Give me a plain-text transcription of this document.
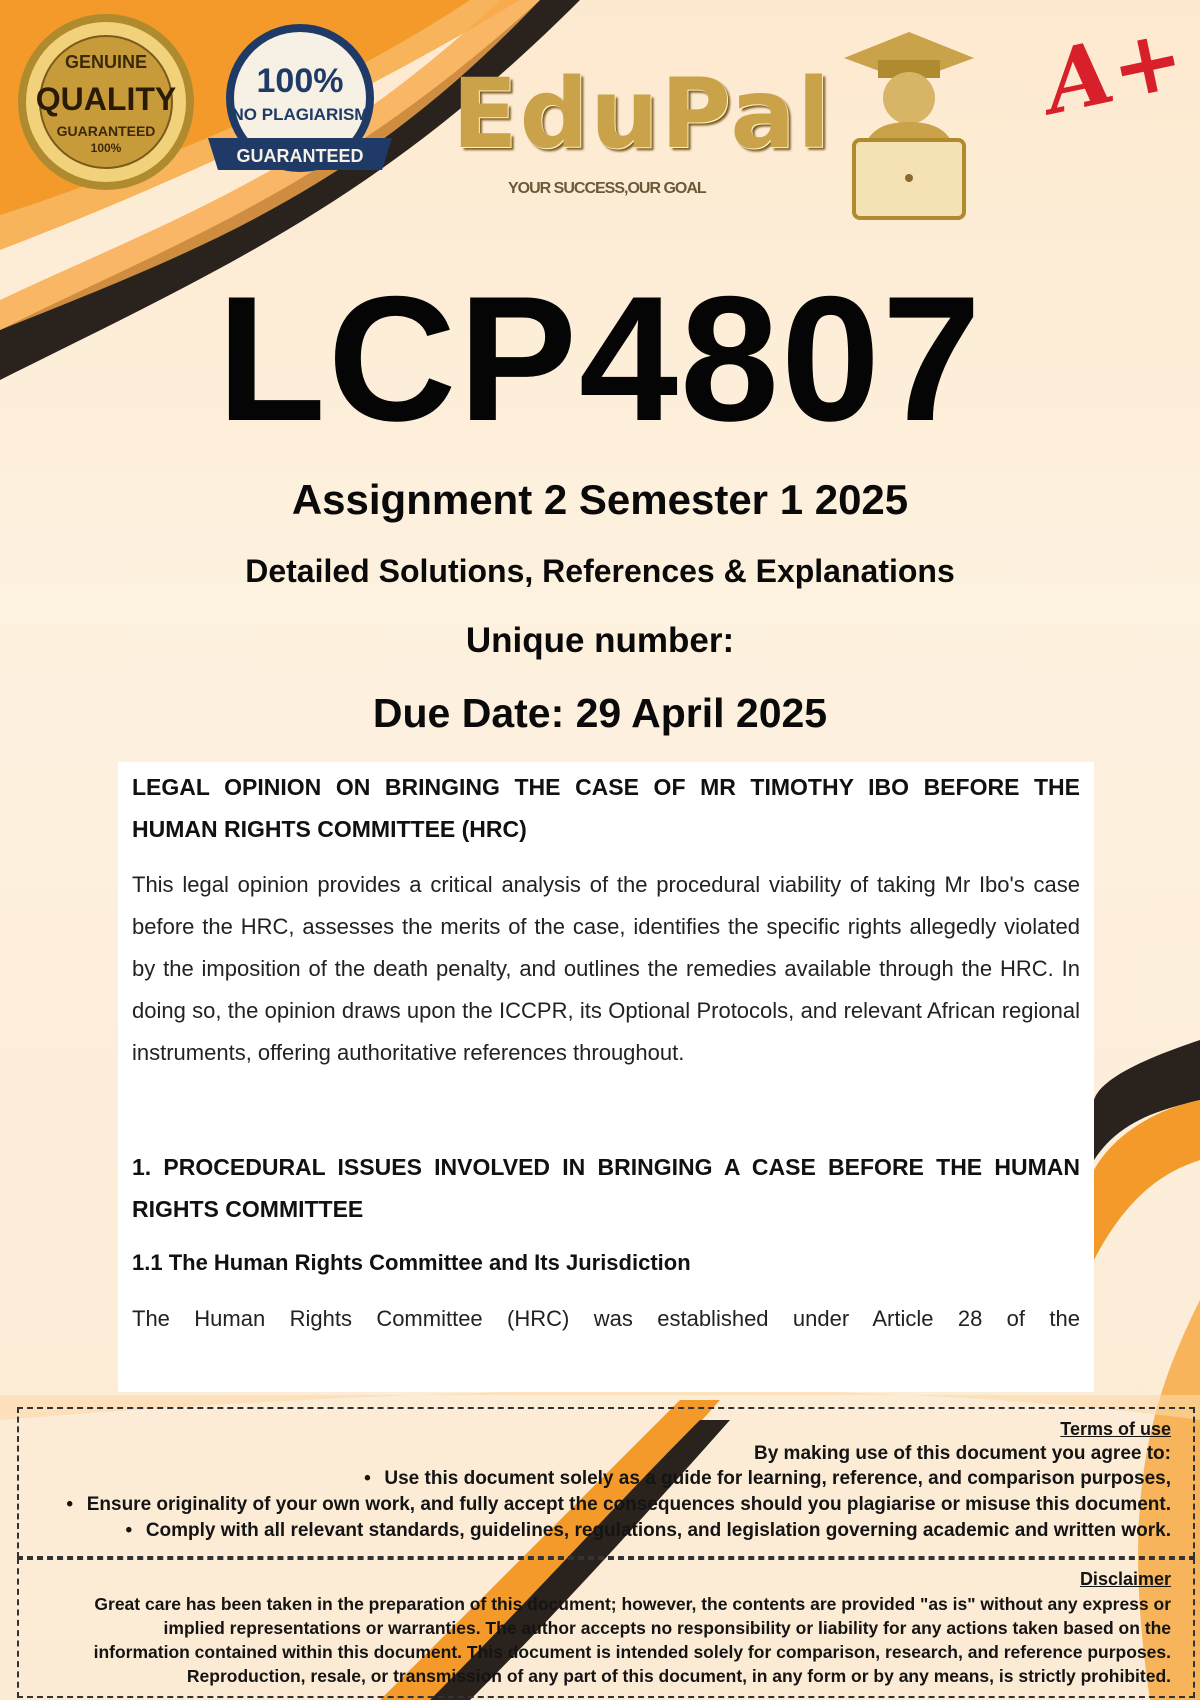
GENUINE
QUALITY
GUARANTEED
100%
100%
NO PLAGIARISM
GUARANTEED EduPal
YOUR SUCCESS,OUR GOAL
A+
LCP4807
Assignment 2 Semester 1 2025
Detailed Solutions, References & Explanations
Unique number:
Due Date: 29 April 2025
LEGAL OPINION ON BRINGING THE CASE OF MR TIMOTHY IBO BEFORE THE HUMAN RIGHTS COMMITTEE (HRC)
This legal opinion provides a critical analysis of the procedural viability of taking Mr Ibo's case before the HRC, assesses the merits of the case, identifies the specific rights allegedly violated by the imposition of the death penalty, and outlines the remedies available through the HRC. In doing so, the opinion draws upon the ICCPR, its Optional Protocols, and relevant African regional instruments, offering authoritative references throughout.
1. PROCEDURAL ISSUES INVOLVED IN BRINGING A CASE BEFORE THE HUMAN RIGHTS COMMITTEE
1.1 The Human Rights Committee and Its Jurisdiction
The Human Rights Committee (HRC) was established under Article 28 of the
Terms of use
By making use of this document you agree to:
• Use this document solely as a guide for learning, reference, and comparison purposes,
• Ensure originality of your own work, and fully accept the consequences should you plagiarise or misuse this document.
• Comply with all relevant standards, guidelines, regulations, and legislation governing academic and written work.
Disclaimer
Great care has been taken in the preparation of this document; however, the contents are provided "as is" without any express or
implied representations or warranties. The author accepts no responsibility or liability for any actions taken based on the
information contained within this document. This document is intended solely for comparison, research, and reference purposes.
Reproduction, resale, or transmission of any part of this document, in any form or by any means, is strictly prohibited.
